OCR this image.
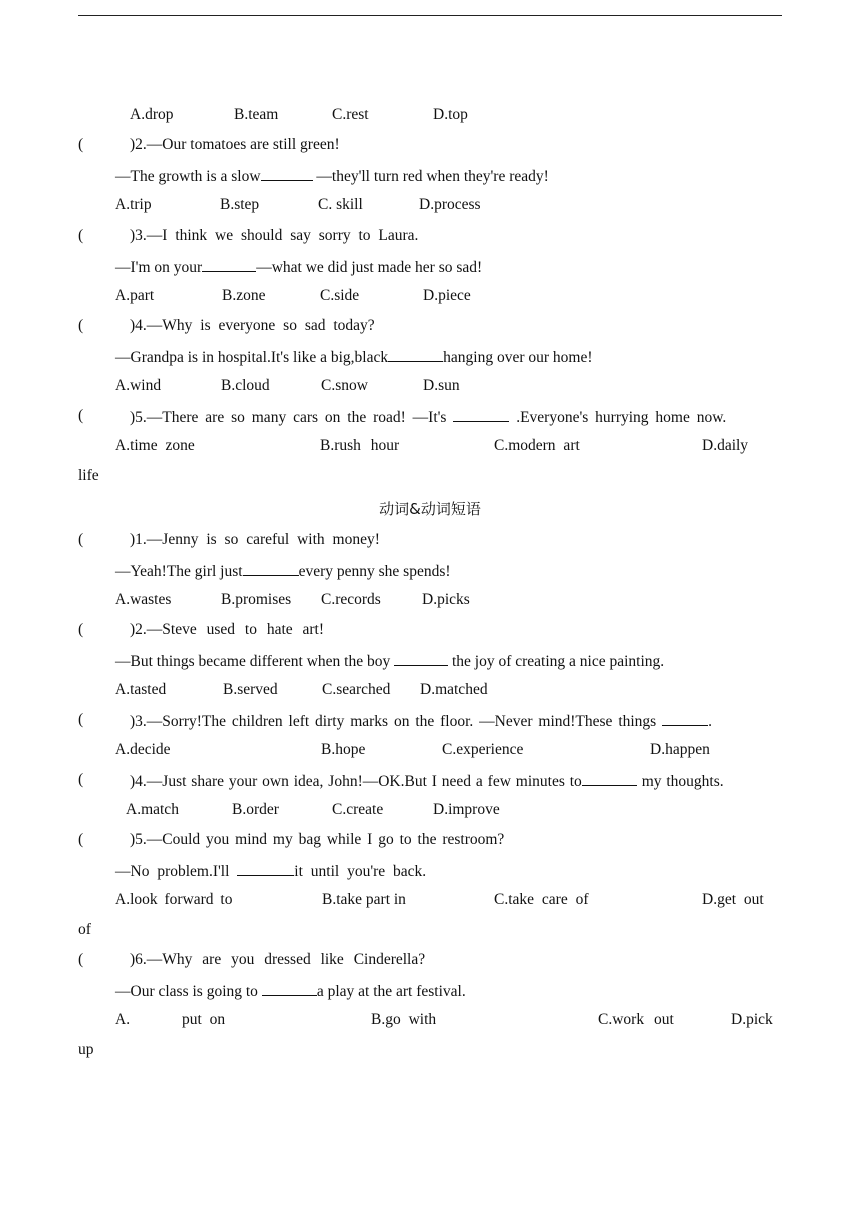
A.drop	B.team	C.rest	D.top
(	)2.—Our tomatoes are still green!
—The growth is a slow	—they'll turn red when they're ready!
A.trip	B.step	C. skill	D.process
(	)3.—I think we should say sorry to Laura.
—I'm on your	—what we did just made her so sad!
A.part	B.zone	C.side	D.piece
(	)4.—Why is everyone so sad today?
—Grandpa is in hospital.It's like a big,black	hanging over our home!
A.wind	B.cloud	C.snow	D.sun
(	)5.—There are so many cars on the road! —It's	.Everyone's hurrying home now.
A.time zone	B.rush hour	C.modern art	D.daily
life
动词&动词短语
(	)1.—Jenny is so careful with money!
—Yeah!The girl just	every penny she spends!
A.wastes	B.promises C.records	D.picks
(	)2.—Steve used to hate art!
—But things became different when the boy	the joy of creating a nice painting.
A.tasted	B.served	C.searched D.matched
(	)3.—Sorry!The children left dirty marks on the floor. —Never mind!These things	.
A.decide	B.hope	C.experience	D.happen
(	)4.—Just share your own idea, John!—OK.But I need a few minutes to	my thoughts.
A.match	B.order	C.create	D.improve
(	)5.—Could you mind my bag while I go to the restroom?
—No problem.I'll	it until you're back.
A.look forward to	B.take part in	C.take care of	D.get out
of
(	)6.—Why are you dressed like Cinderella?
—Our class is going to	a play at the art festival.
A.	put on	B.go with	C.work out	D.pick
up
